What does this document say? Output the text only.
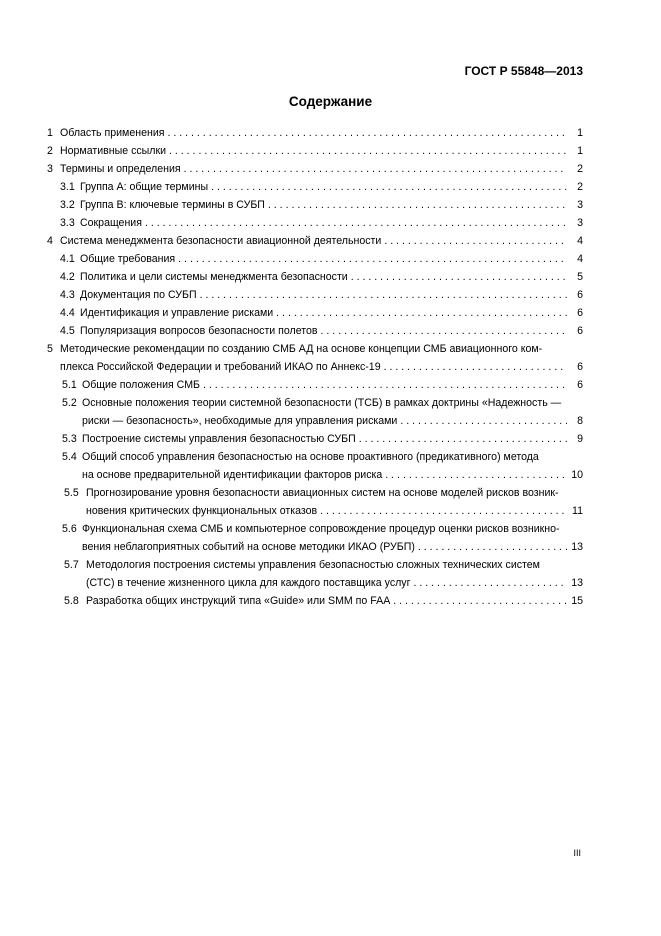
ГОСТ Р 55848—2013
Содержание
1 Область применения . . .	1
2 Нормативные ссылки . . .	1
3 Термины и определения . . .	2
3.1 Группа А: общие термины . . .	2
3.2 Группа В: ключевые термины в СУБП . . .	3
3.3 Сокращения . . .	3
4 Система менеджмента безопасности авиационной деятельности . . .	4
4.1 Общие требования . . .	4
4.2 Политика и цели системы менеджмента безопасности . . .	5
4.3 Документация по СУБП . . .	6
4.4 Идентификация и управление рисками . . .	6
4.5 Популяризация вопросов безопасности полетов . . .	6
5 Методические рекомендации по созданию СМБ АД на основе концепции СМБ авиационного ком-
плекса Российской Федерации и требований ИКАО по Аннекс-19 . . .	6
5.1 Общие положения СМБ . . .	6
5.2 Основные положения теории системной безопасности (ТСБ) в рамках доктрины «Надежность —
риски — безопасность», необходимые для управления рисками . . .	8
5.3 Построение системы управления безопасностью СУБП . . .	9
5.4 Общий способ управления безопасностью на основе проактивного (предикативного) метода
на основе предварительной идентификации факторов риска . . .	10
5.5 Прогнозирование уровня безопасности авиационных систем на основе моделей рисков возник-
новения критических функциональных отказов . . .	11
5.6 Функциональная схема СМБ и компьютерное сопровождение процедур оценки рисков возникно-
вения неблагоприятных событий на основе методики ИКАО (РУБП) . . .	13
5.7 Методология построения системы управления безопасностью сложных технических систем
(СТС) в течение жизненного цикла для каждого поставщика услуг . . .	13
5.8 Разработка общих инструкций типа «Guide» или SMM по FAA . . .	15
III
